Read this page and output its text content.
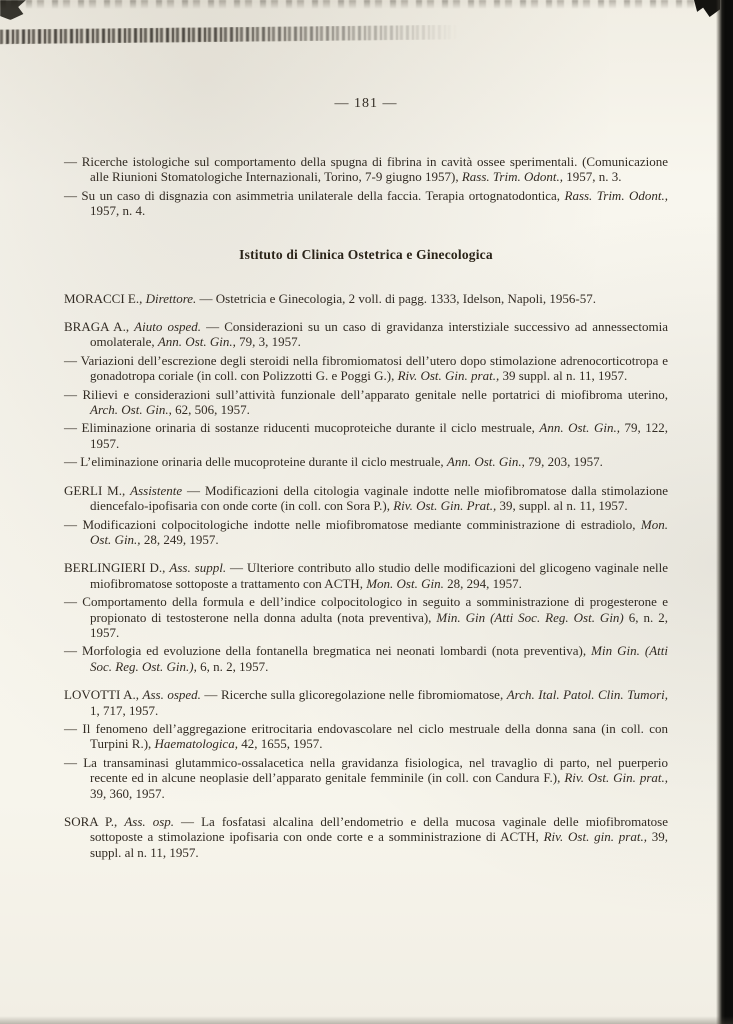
— 181 —

— Ricerche istologiche sul comportamento della spugna di fibrina in cavità ossee sperimentali. (Comunicazione alle Riunioni Stomatologiche Internazionali, Torino, 7-9 giugno 1957), Rass. Trim. Odont., 1957, n. 3.

— Su un caso di disgnazia con asimmetria unilaterale della faccia. Terapia ortognatodontica, Rass. Trim. Odont., 1957, n. 4.

Istituto di Clinica Ostetrica e Ginecologica

MORACCI E., Direttore. — Ostetricia e Ginecologia, 2 voll. di pagg. 1333, Idelson, Napoli, 1956-57.

BRAGA A., Aiuto osped. — Considerazioni su un caso di gravidanza interstiziale successivo ad annessectomia omolaterale, Ann. Ost. Gin., 79, 3, 1957.

— Variazioni dell’escrezione degli steroidi nella fibromiomatosi dell’utero dopo stimolazione adrenocorticotropa e gonadotropa coriale (in coll. con Polizzotti G. e Poggi G.), Riv. Ost. Gin. prat., 39 suppl. al n. 11, 1957.

— Rilievi e considerazioni sull’attività funzionale dell’apparato genitale nelle portatrici di miofibroma uterino, Arch. Ost. Gin., 62, 506, 1957.

— Eliminazione orinaria di sostanze riducenti mucoproteiche durante il ciclo mestruale, Ann. Ost. Gin., 79, 122, 1957.

— L’eliminazione orinaria delle mucoproteine durante il ciclo mestruale, Ann. Ost. Gin., 79, 203, 1957.

GERLI M., Assistente — Modificazioni della citologia vaginale indotte nelle miofibromatose dalla stimolazione diencefalo-ipofisaria con onde corte (in coll. con Sora P.), Riv. Ost. Gin. Prat., 39, suppl. al n. 11, 1957.

— Modificazioni colpocitologiche indotte nelle miofibromatose mediante comministrazione di estradiolo, Mon. Ost. Gin., 28, 249, 1957.

BERLINGIERI D., Ass. suppl. — Ulteriore contributo allo studio delle modificazioni del glicogeno vaginale nelle miofibromatose sottoposte a trattamento con ACTH, Mon. Ost. Gin. 28, 294, 1957.

— Comportamento della formula e dell’indice colpocitologico in seguito a somministrazione di progesterone e propionato di testosterone nella donna adulta (nota preventiva), Min. Gin (Atti Soc. Reg. Ost. Gin) 6, n. 2, 1957.

— Morfologia ed evoluzione della fontanella bregmatica nei neonati lombardi (nota preventiva), Min Gin. (Atti Soc. Reg. Ost. Gin.), 6, n. 2, 1957.

LOVOTTI A., Ass. osped. — Ricerche sulla glicoregolazione nelle fibromiomatose, Arch. Ital. Patol. Clin. Tumori, 1, 717, 1957.

— Il fenomeno dell’aggregazione eritrocitaria endovascolare nel ciclo mestruale della donna sana (in coll. con Turpini R.), Haematologica, 42, 1655, 1957.

— La transaminasi glutammico-ossalacetica nella gravidanza fisiologica, nel travaglio di parto, nel puerperio recente ed in alcune neoplasie dell’apparato genitale femminile (in coll. con Candura F.), Riv. Ost. Gin. prat., 39, 360, 1957.

SORA P., Ass. osp. — La fosfatasi alcalina dell’endometrio e della mucosa vaginale delle miofibromatose sottoposte a stimolazione ipofisaria con onde corte e a somministrazione di ACTH, Riv. Ost. gin. prat., 39, suppl. al n. 11, 1957.
